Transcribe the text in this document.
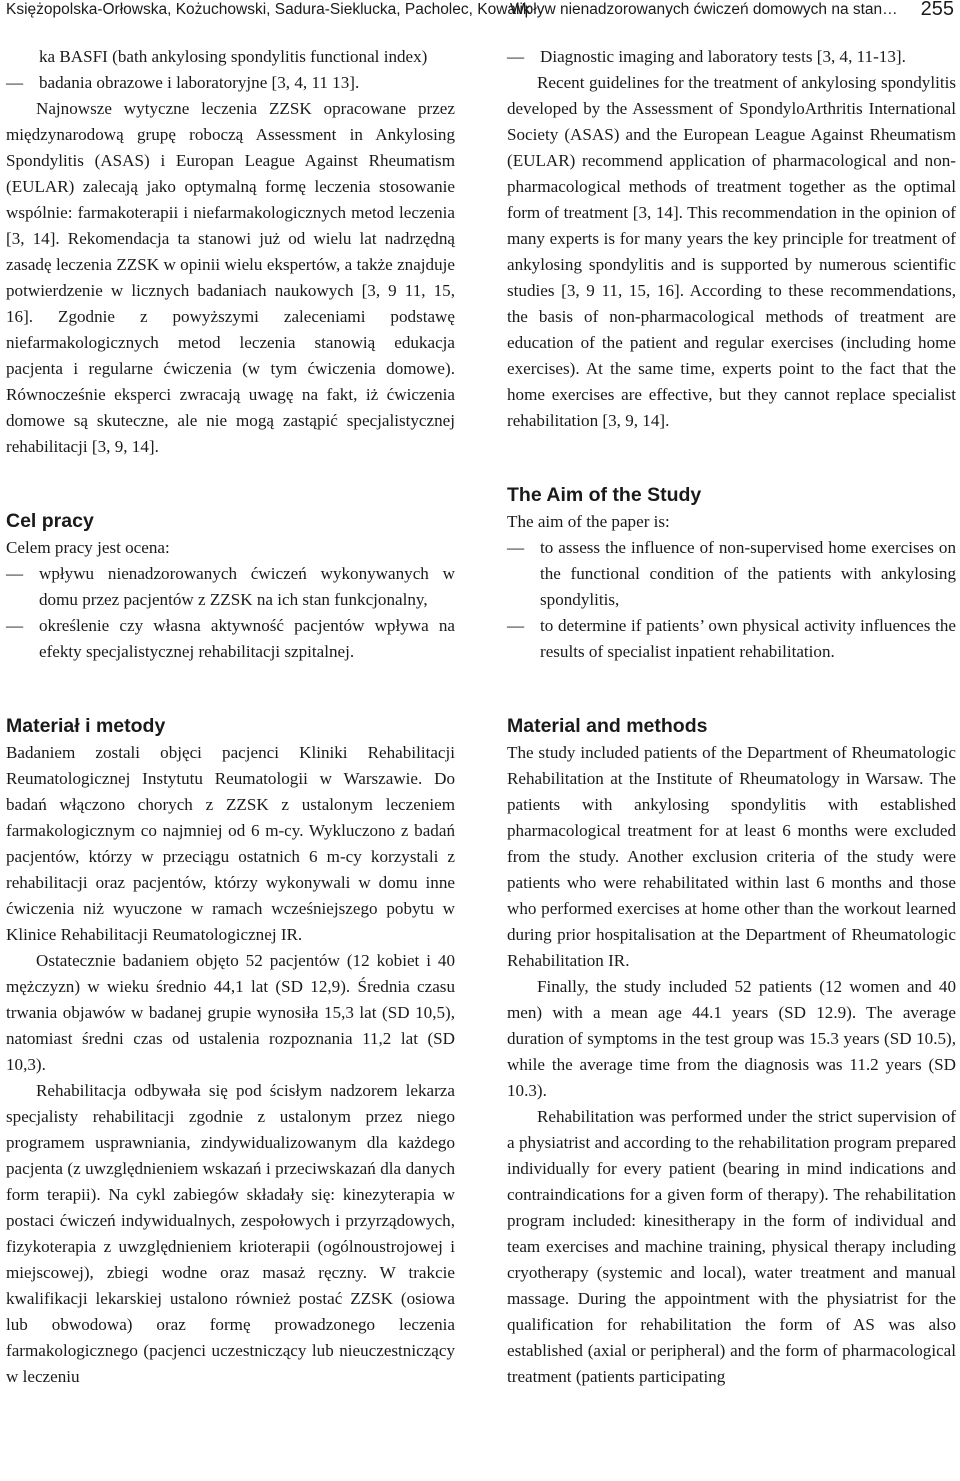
Księżopolska-Orłowska, Kożuchowski, Sadura-Sieklucka, Pacholec, Kowalik
Wpływ nienadzorowanych ćwiczeń domowych na stan… 255
ka BASFI (bath ankylosing spondylitis functional index)
— badania obrazowe i laboratoryjne [3, 4, 11 13].

Najnowsze wytyczne leczenia ZZSK opracowane przez międzynarodową grupę roboczą Assessment in Ankylosing Spondylitis (ASAS) i Europan League Against Rheumatism (EULAR) zalecają jako optymalną formę leczenia stosowanie wspólnie: farmakoterapii i niefarmakologicznych metod leczenia [3, 14]. Rekomendacja ta stanowi już od wielu lat nadrzędną zasadę leczenia ZZSK w opinii wielu ekspertów, a także znajduje potwierdzenie w licznych badaniach naukowych [3, 9 11, 15, 16]. Zgodnie z powyższymi zaleceniami podstawę niefarmakologicznych metod leczenia stanowią edukacja pacjenta i regularne ćwiczenia (w tym ćwiczenia domowe). Równocześnie eksperci zwracają uwagę na fakt, iż ćwiczenia domowe są skuteczne, ale nie mogą zastąpić specjalistycznej rehabilitacji [3, 9, 14].

Cel pracy

Celem pracy jest ocena:

— wpływu nienadzorowanych ćwiczeń wykonywanych w domu przez pacjentów z ZZSK na ich stan funkcjonalny,
— określenie czy własna aktywność pacjentów wpływa na efekty specjalistycznej rehabilitacji szpitalnej.
Materiał i metody

Badaniem zostali objęci pacjenci Kliniki Rehabilitacji Reumatologicznej Instytutu Reumatologii w Warszawie. Do badań włączono chorych z ZZSK z ustalonym leczeniem farmakologicznym co najmniej od 6 m-cy. Wykluczono z badań pacjentów, którzy w przeciągu ostatnich 6 m-cy korzystali z rehabilitacji oraz pacjentów, którzy wykonywali w domu inne ćwiczenia niż wyuczone w ramach wcześniejszego pobytu w Klinice Rehabilitacji Reumatologicznej IR.

Ostatecznie badaniem objęto 52 pacjentów (12 kobiet i 40 mężczyzn) w wieku średnio 44,1 lat (SD 12,9). Średnia czasu trwania objawów w badanej grupie wynosiła 15,3 lat (SD 10,5), natomiast średni czas od ustalenia rozpoznania 11,2 lat (SD 10,3).

Rehabilitacja odbywała się pod ścisłym nadzorem lekarza specjalisty rehabilitacji zgodnie z ustalonym przez niego programem usprawniania, zindywidualizowanym dla każdego pacjenta (z uwzględnieniem wskazań i przeciwskazań dla danych form terapii). Na cykl zabiegów składały się: kinezyterapia w postaci ćwiczeń indywidualnych, zespołowych i przyrządowych, fizykoterapia z uwzględnieniem krioterapii (ogólnoustrojowej i miejscowej), zbiegi wodne oraz masaż ręczny. W trakcie kwalifikacji lekarskiej ustalono również postać ZZSK (osiowa lub obwodowa) oraz formę prowadzonego leczenia farmakologicznego (pacjenci uczestniczący lub nieuczestniczący w leczeniu

— Diagnostic imaging and laboratory tests [3, 4, 11-13].

Recent guidelines for the treatment of ankylosing spondylitis developed by the Assessment of SpondyloArthritis International Society (ASAS) and the European League Against Rheumatism (EULAR) recommend application of pharmacological and non-pharmacological methods of treatment together as the optimal form of treatment [3, 14]. This recommendation in the opinion of many experts is for many years the key principle for treatment of ankylosing spondylitis and is supported by numerous scientific studies [3, 9 11, 15, 16]. According to these recommendations, the basis of non-pharmacological methods of treatment are education of the patient and regular exercises (including home exercises). At the same time, experts point to the fact that the home exercises are effective, but they cannot replace specialist rehabilitation [3, 9, 14].

The Aim of the Study

The aim of the paper is:

— to assess the influence of non-supervised home exercises on the functional condition of the patients with ankylosing spondylitis,
— to determine if patients’ own physical activity influences the results of specialist inpatient rehabilitation.
Material and methods

The study included patients of the Department of Rheumatologic Rehabilitation at the Institute of Rheumatology in Warsaw. The patients with ankylosing spondylitis with established pharmacological treatment for at least 6 months were excluded from the study. Another exclusion criteria of the study were patients who were rehabilitated within last 6 months and those who performed exercises at home other than the workout learned during prior hospitalisation at the Department of Rheumatologic Rehabilitation IR.

Finally, the study included 52 patients (12 women and 40 men) with a mean age 44.1 years (SD 12.9). The average duration of symptoms in the test group was 15.3 years (SD 10.5), while the average time from the diagnosis was 11.2 years (SD 10.3).

Rehabilitation was performed under the strict supervision of a physiatrist and according to the rehabilitation program prepared individually for every patient (bearing in mind indications and contraindications for a given form of therapy). The rehabilitation program included: kinesitherapy in the form of individual and team exercises and machine training, physical therapy including cryotherapy (systemic and local), water treatment and manual massage. During the appointment with the physiatrist for the qualification for rehabilitation the form of AS was also established (axial or peripheral) and the form of pharmacological treatment (patients participating
